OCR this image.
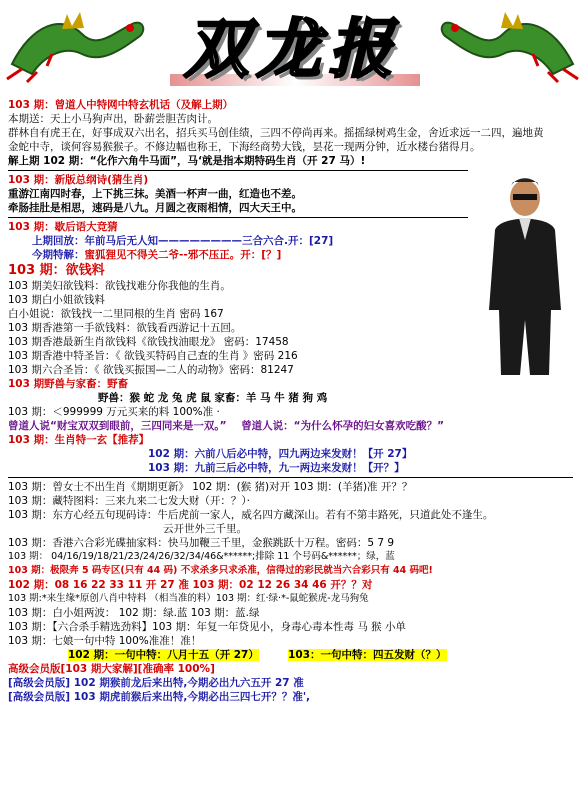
双龙报
103 期：曾道人中特网中特玄机话（及解上期）
本期送：天上小马狗声出，卧薪尝胆苦肉计。
群林自有虎王在，好事成双六出名，招兵买马创佳绩，三四不停尚再来。摇摇绿树鸡生金，舍近求远一二四，遍地黄金蛇中寺，谈何容易猴猴子。不修边幅也称王，下海经商势大钱，昙花一现两分钟，近水楼台猪得月。
解上期 102 期：“化作六角牛马面”，马‘就是指本期特码生肖（开 27 马）!
103 期：新版总纲诗(猜生肖)
重游江南四时春，上下挑三抹。美酒一杯声一曲，红造也不差。
牵肠挂肚是相思，速码是八九。月圆之夜雨相情，四大天王中。
103 期：歇后语大竞猜
上期回放：年前马后无人知————————三合六合.开：[27]
今期特解：蜜狐狸见不得关二爷--邪不压正。开：[？]
103 期：欲钱料
103 期美妇欲钱料：欲钱找难分你我他的生肖。
103 期白小姐欲钱料
白小姐说：欲钱找一二里同根的生肖 密码 167
103 期香港第一手欲钱料：欲钱看西游记十五回。
103 期香港最新生肖欲钱料《欲钱找油眼龙》 密码：17458
103 期香港中特圣旨：《 欲钱买特码自己查的生肖 》密码 216
103 期六合圣旨：《 欲钱买振国—二人的动物》密码：81247
103 期野兽与家畜：野畜
野兽：猴 蛇 龙 兔 虎 鼠 家畜：羊 马 牛 猪 狗 鸡
103 期：＜999999 万元买来的料 100%准 ·
曾道人说“财宝双双到眼前，三四同来是一双。” 曾道人说：“为什么怀孕的妇女喜欢吃酸？”
103 期：生肖特一玄【推荐】
102 期：六前八后必中特，四九两边来发财！【开 27】
103 期：九前三后必中特，九一两边来发财！【开？】
103 期：曾女士不出生肖《期期更新》 102 期：(猴 猪)对开 103 期：(羊猪)准 开？？
103 期：藏特图料：三来九来二七发大财（开：？）·
103 期：东方心经五句现码诗：牛后虎前一家人，威名四方藏深山。若有不第丰路死，只道此处不逢生。
云开世外三千里。
103 期：香港六合彩光碟抽家料：快马加鞭三千里，金猴跳跃十万程。密码：5 7 9
103 期： 04/16/19/18/21/23/24/26/32/34/46&******;排除 11 个号码&******；绿，蓝
103 期：极限奔 5 码专区(只有 44 码) 不求杀多只求杀准，信得过的彩民就当六合彩只有 44 码吧!
102 期：08 16 22 33 11 开 27 准 103 期：02 12 26 34 46 开？？对
103 期:*来生缘*原创八肖中特料 （相当准的料）103 期：红·绿·*-鼠蛇猴虎-龙马狗兔
103 期：白小姐两波： 102 期：绿.蓝 103 期：蓝.绿
103 期：【六合杀手精选劲料】103 期：年复一年贷见小，身毒心毒本性毒 马 猴 小单
103 期：七娘一句中特 100%准准！准！
102 期：一句中特：八月十五（开 27）	103：一句中特：四五发财（？）
高级会员版[103 期大家解][准确率 100%]
[高级会员版] 102 期猴前龙后来出特,今期必出九六五开 27 准
[高级会员版] 103 期虎前猴后来出特,今期必出三四七开？？准',
